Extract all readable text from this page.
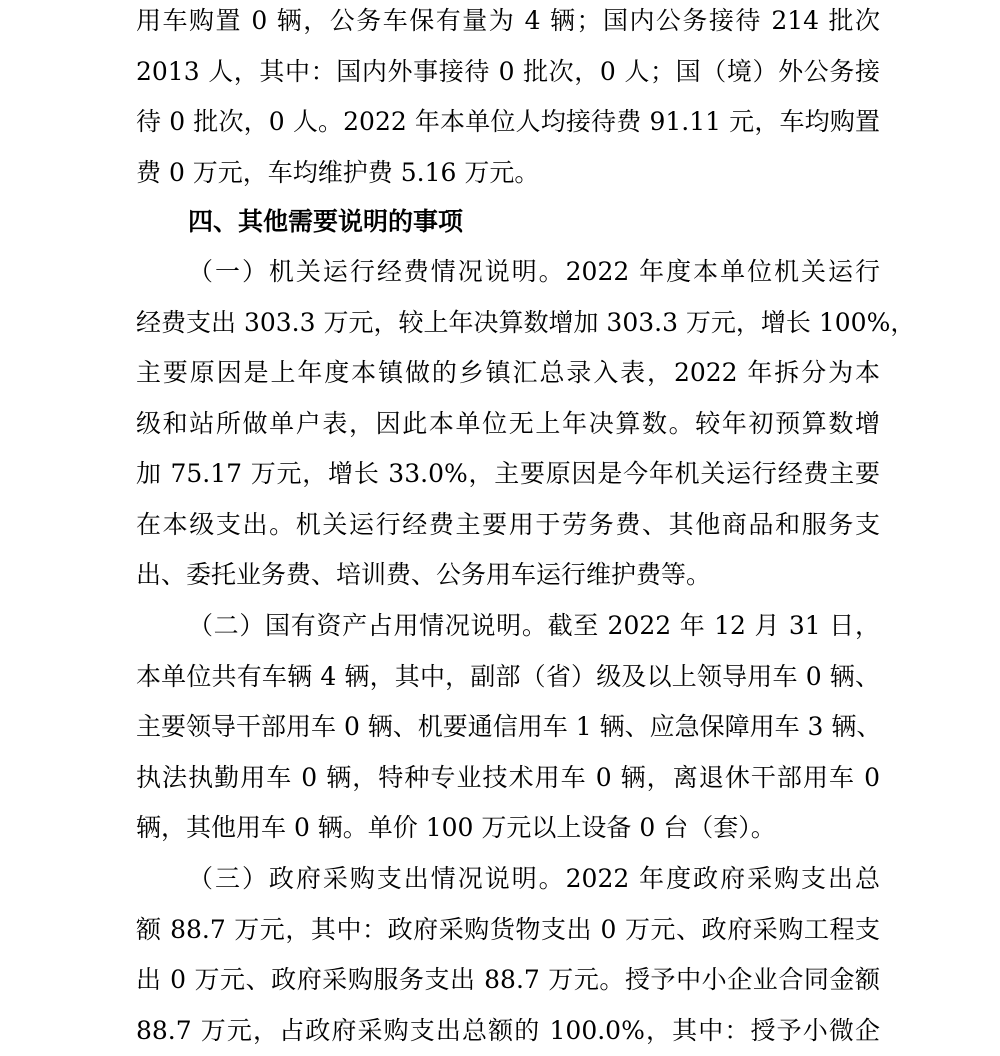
用车购置 0 辆，公务车保有量为 4 辆；国内公务接待 214 批次
2013 人，其中：国内外事接待 0 批次，0 人；国（境）外公务接
待 0 批次，0 人。2022 年本单位人均接待费 91.11 元，车均购置
费 0 万元，车均维护费 5.16 万元。
四、其他需要说明的事项
（一）机关运行经费情况说明。2022 年度本单位机关运行
经费支出 303.3 万元，较上年决算数增加 303.3 万元，增长 100%，
主要原因是上年度本镇做的乡镇汇总录入表，2022 年拆分为本
级和站所做单户表，因此本单位无上年决算数。较年初预算数增
加 75.17 万元，增长 33.0%，主要原因是今年机关运行经费主要
在本级支出。机关运行经费主要用于劳务费、其他商品和服务支
出、委托业务费、培训费、公务用车运行维护费等。
（二）国有资产占用情况说明。截至 2022 年 12 月 31 日，
本单位共有车辆 4 辆，其中，副部（省）级及以上领导用车 0 辆、
主要领导干部用车 0 辆、机要通信用车 1 辆、应急保障用车 3 辆、
执法执勤用车 0 辆，特种专业技术用车 0 辆，离退休干部用车 0
辆，其他用车 0 辆。单价 100 万元以上设备 0 台（套）。
（三）政府采购支出情况说明。2022 年度政府采购支出总
额 88.7 万元，其中：政府采购货物支出 0 万元、政府采购工程支
出 0 万元、政府采购服务支出 88.7 万元。授予中小企业合同金额
88.7 万元，占政府采购支出总额的 100.0%，其中：授予小微企
